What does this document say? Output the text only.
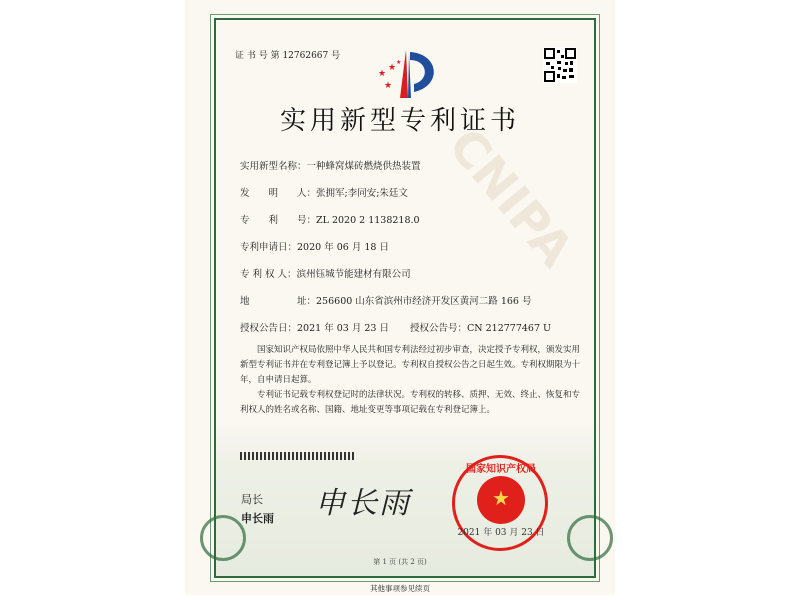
CNIPA
证 书 号 第 12762667 号
★
★
★
★
实用新型专利证书
实用新型名称：一种蜂窝煤砖燃烧供热装置
发　　明　　人：张拥军;李同安;朱廷文
专　　利　　号：ZL 2020 2 1138218.0
专利申请日：2020 年 06 月 18 日
专 利 权 人：滨州钰城节能建材有限公司
地　　　　　址：256600 山东省滨州市经济开发区黄河二路 166 号
授权公告日：2021 年 03 月 23 日 授权公告号：CN 212777467 U
国家知识产权局依照中华人民共和国专利法经过初步审查，决定授予专利权，颁发实用新型专利证书并在专利登记簿上予以登记。专利权自授权公告之日起生效。专利权期限为十年，自申请日起算。
专利证书记载专利权登记时的法律状况。专利权的转移、质押、无效、终止、恢复和专利权人的姓名或名称、国籍、地址变更等事项记载在专利登记簿上。
局长
申长雨 申长雨	★
国家知识产权局
2021 年 03 月 23 日
第 1 页 (共 2 页)
其他事项参见续页
